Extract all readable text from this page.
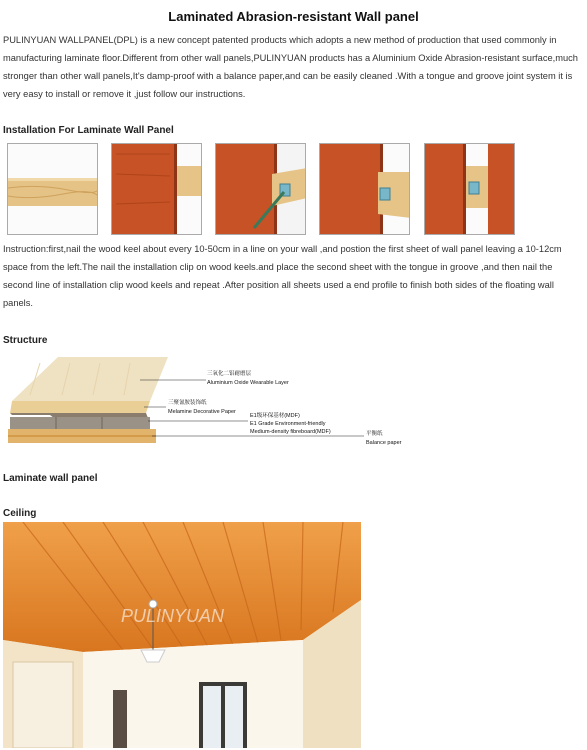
Laminated Abrasion-resistant Wall panel

PULINYUAN WALLPANEL(DPL) is a new concept patented products which adopts a new method of production that used commonly in manufacturing laminate floor.Different from other wall panels,PULINYUAN products has a Aluminium Oxide Abrasion-resistant surface,much stronger than other wall panels,It's damp-proof with a balance paper,and can be easily cleaned .With a tongue and groove joint system it is very easy to install or remove it ,just follow our instructions.

Installation For Laminate Wall Panel

Instruction:first,nail the wood keel about every 10-50cm in a line on your wall ,and postion the first sheet of wall panel leaving a 10-12cm space from the left.The nail the installation clip on wood keels.and place the second sheet with the tongue in groove ,and then nail the second line of installation clip wood keels and repeat .After position all sheets used a end profile to finish both sides of the floating wall panels.

Structure
三氧化二铝耐磨层
Aluminium Oxide Wearable Layer
三聚氰胺装饰纸
Melamine Decorative Paper
E1级环保基材(MDF)
E1 Grade Environment-friendly
Medium-density fibreboard(MDF)	平衡纸
Balance paper
Laminate wall panel
Ceiling
PULINYUAN
